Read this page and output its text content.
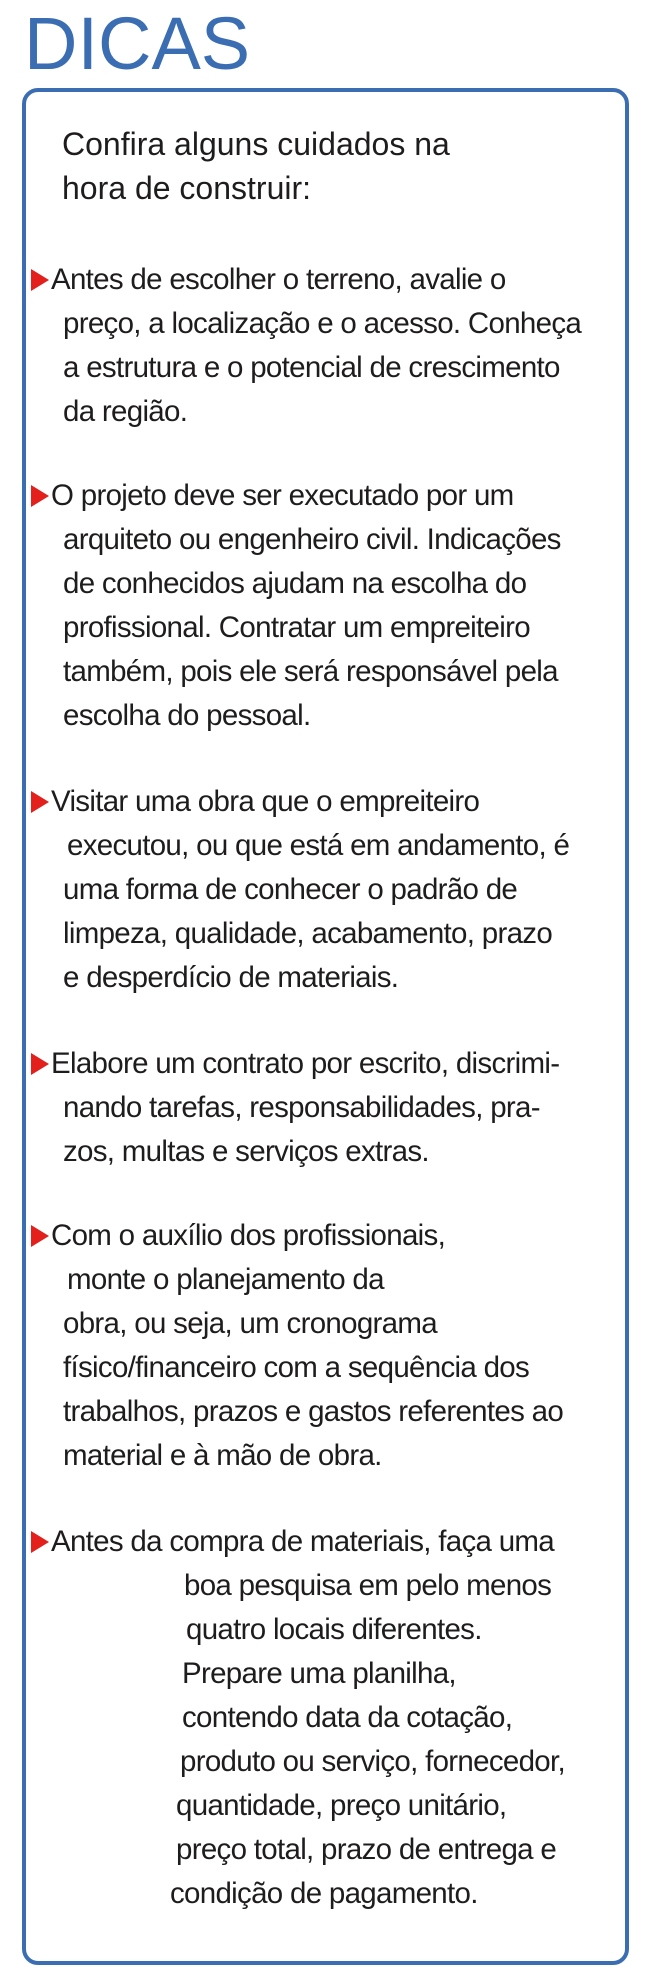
DICAS

Confira alguns cuidados na
hora de construir:

Antes de escolher o terreno, avalie o
preço, a localização e o acesso. Conheça
a estrutura e o potencial de crescimento
da região.

O projeto deve ser executado por um
arquiteto ou engenheiro civil. Indicações
de conhecidos ajudam na escolha do
profissional. Contratar um empreiteiro
também, pois ele será responsável pela
escolha do pessoal.

Visitar uma obra que o empreiteiro
executou, ou que está em andamento, é
uma forma de conhecer o padrão de
limpeza, qualidade, acabamento, prazo
e desperdício de materiais.

Elabore um contrato por escrito, discrimi-
nando tarefas, responsabilidades, pra-
zos, multas e serviços extras.

Com o auxílio dos profissionais,
monte o planejamento da
obra, ou seja, um cronograma
físico/financeiro com a sequência dos
trabalhos, prazos e gastos referentes ao
material e à mão de obra.

Antes da compra de materiais, faça uma
boa pesquisa em pelo menos
quatro locais diferentes.
Prepare uma planilha,
contendo data da cotação,
produto ou serviço, fornecedor,
quantidade, preço unitário,
preço total, prazo de entrega e
condição de pagamento.
